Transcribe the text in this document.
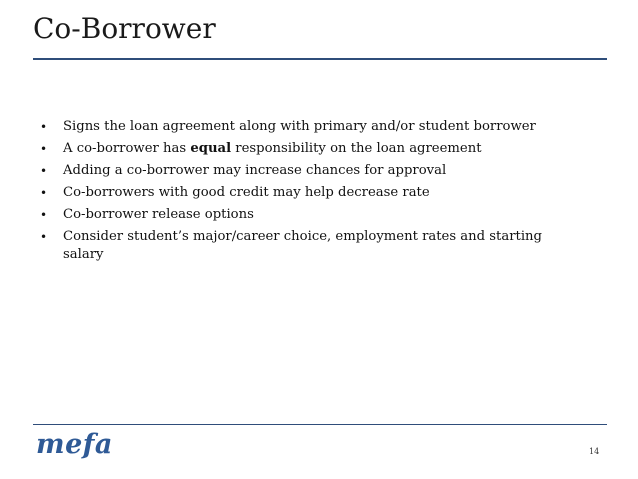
Co-Borrower
• Signs the loan agreement along with primary and/or student borrower
• A co-borrower has equal responsibility on the loan agreement
• Adding a co-borrower may increase chances for approval
• Co-borrowers with good credit may help decrease rate
• Co-borrower release options
• Consider student’s major/career choice, employment rates and starting salary
mefa	14
